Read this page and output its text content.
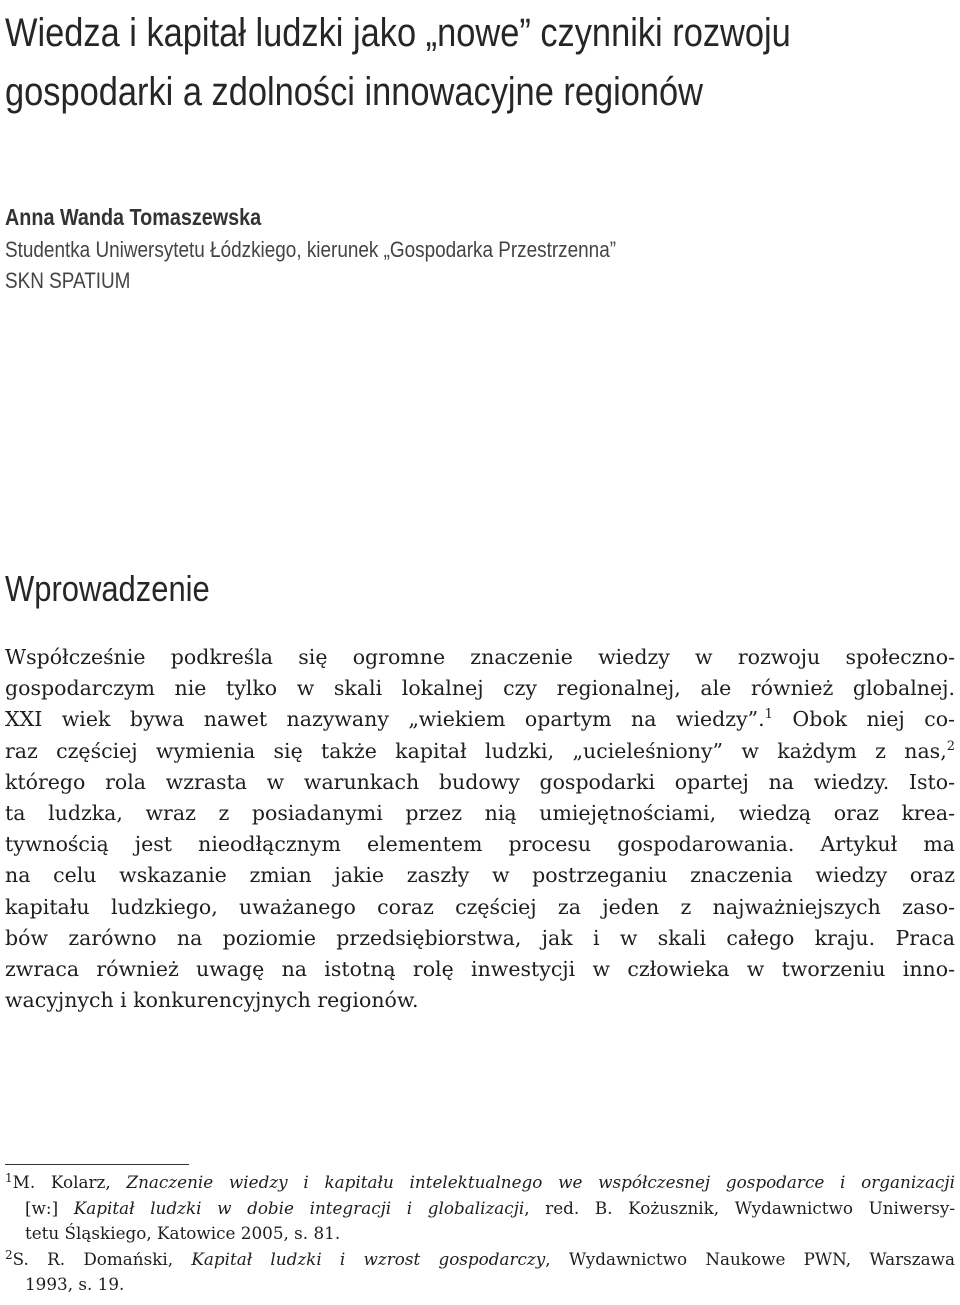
Wiedza i kapitał ludzki jako „nowe” czynniki rozwoju gospodarki a zdolności innowacyjne regionów

Anna Wanda Tomaszewska

Studentka Uniwersytetu Łódzkiego, kierunek „Gospodarka Przestrzenna”

SKN SPATIUM

Wprowadzenie
Współcześnie podkreśla się ogromne znaczenie wiedzy w rozwoju społeczno-
gospodarczym nie tylko w skali lokalnej czy regionalnej, ale również globalnej.
XXI wiek bywa nawet nazywany „wiekiem opartym na wiedzy”.$^1$ Obok niej co-
raz częściej wymienia się także kapitał ludzki, „ucieleśniony” w każdym z nas,$^2$
którego rola wzrasta w warunkach budowy gospodarki opartej na wiedzy. Isto-
ta ludzka, wraz z posiadanymi przez nią umiejętnościami, wiedzą oraz krea-
tywnością jest nieodłącznym elementem procesu gospodarowania. Artykuł ma
na celu wskazanie zmian jakie zaszły w postrzeganiu znaczenia wiedzy oraz
kapitału ludzkiego, uważanego coraz częściej za jeden z najważniejszych zaso-
bów zarówno na poziomie przedsiębiorstwa, jak i w skali całego kraju. Praca
zwraca również uwagę na istotną rolę inwestycji w człowieka w tworzeniu inno-
wacyjnych i konkurencyjnych regionów.
$^1$M. Kolarz, Znaczenie wiedzy i kapitału intelektualnego we współczesnej gospodarce i organizacji
[w:] Kapitał ludzki w dobie integracji i globalizacji, red. B. Kożusznik, Wydawnictwo Uniwersy-
tetu Śląskiego, Katowice 2005, s. 81.
$^2$S. R. Domański, Kapitał ludzki i wzrost gospodarczy, Wydawnictwo Naukowe PWN, Warszawa
1993, s. 19.
